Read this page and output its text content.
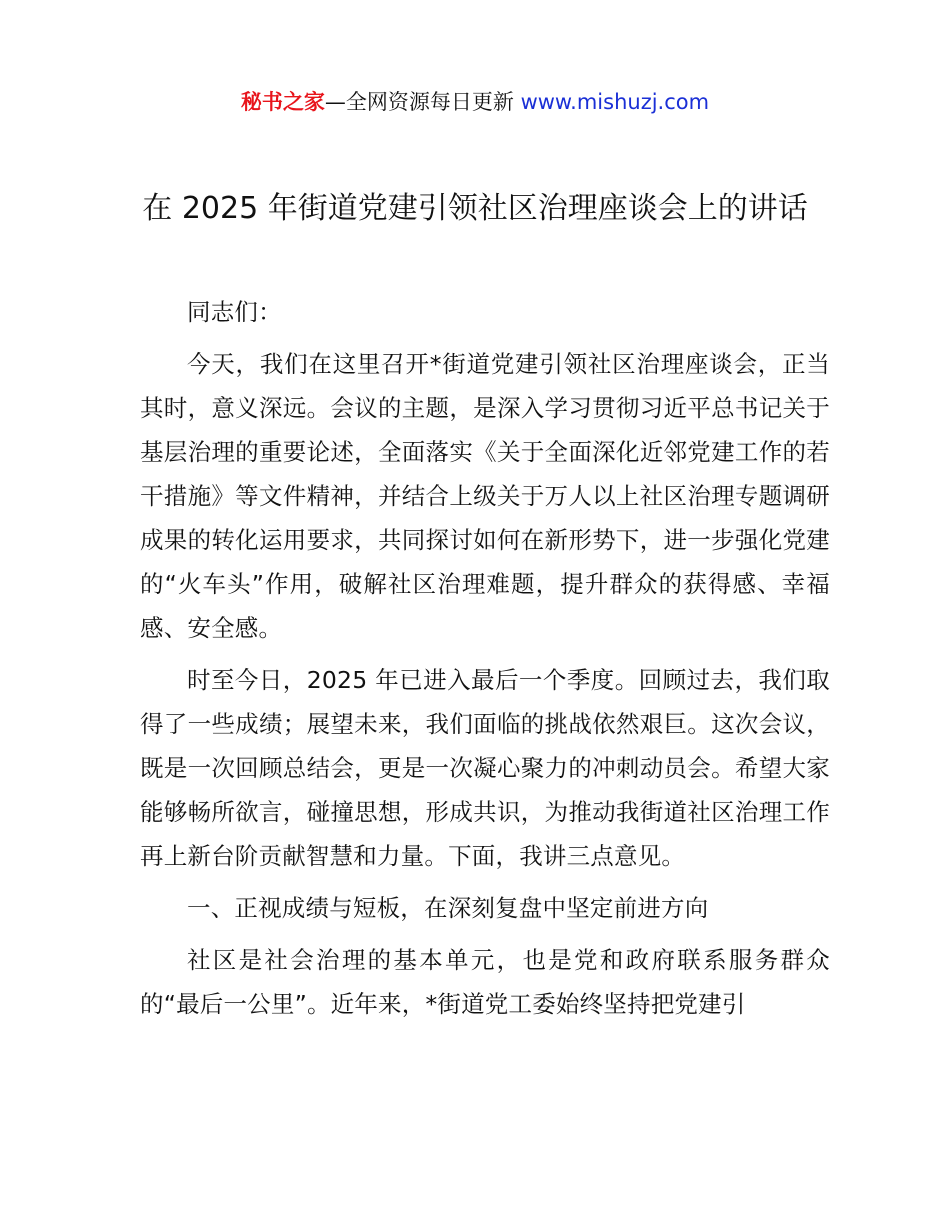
秘书之家—全网资源每日更新 www.mishuzj.com
在 2025 年街道党建引领社区治理座谈会上的讲话

同志们：

今天，我们在这里召开*街道党建引领社区治理座谈会，正当其时，意义深远。会议的主题，是深入学习贯彻习近平总书记关于基层治理的重要论述，全面落实《关于全面深化近邻党建工作的若干措施》等文件精神，并结合上级关于万人以上社区治理专题调研成果的转化运用要求，共同探讨如何在新形势下，进一步强化党建的“火车头”作用，破解社区治理难题，提升群众的获得感、幸福感、安全感。

时至今日，2025 年已进入最后一个季度。回顾过去，我们取得了一些成绩；展望未来，我们面临的挑战依然艰巨。这次会议，既是一次回顾总结会，更是一次凝心聚力的冲刺动员会。希望大家能够畅所欲言，碰撞思想，形成共识，为推动我街道社区治理工作再上新台阶贡献智慧和力量。下面，我讲三点意见。

一、正视成绩与短板，在深刻复盘中坚定前进方向

社区是社会治理的基本单元，也是党和政府联系服务群众的“最后一公里”。近年来，*街道党工委始终坚持把党建引
